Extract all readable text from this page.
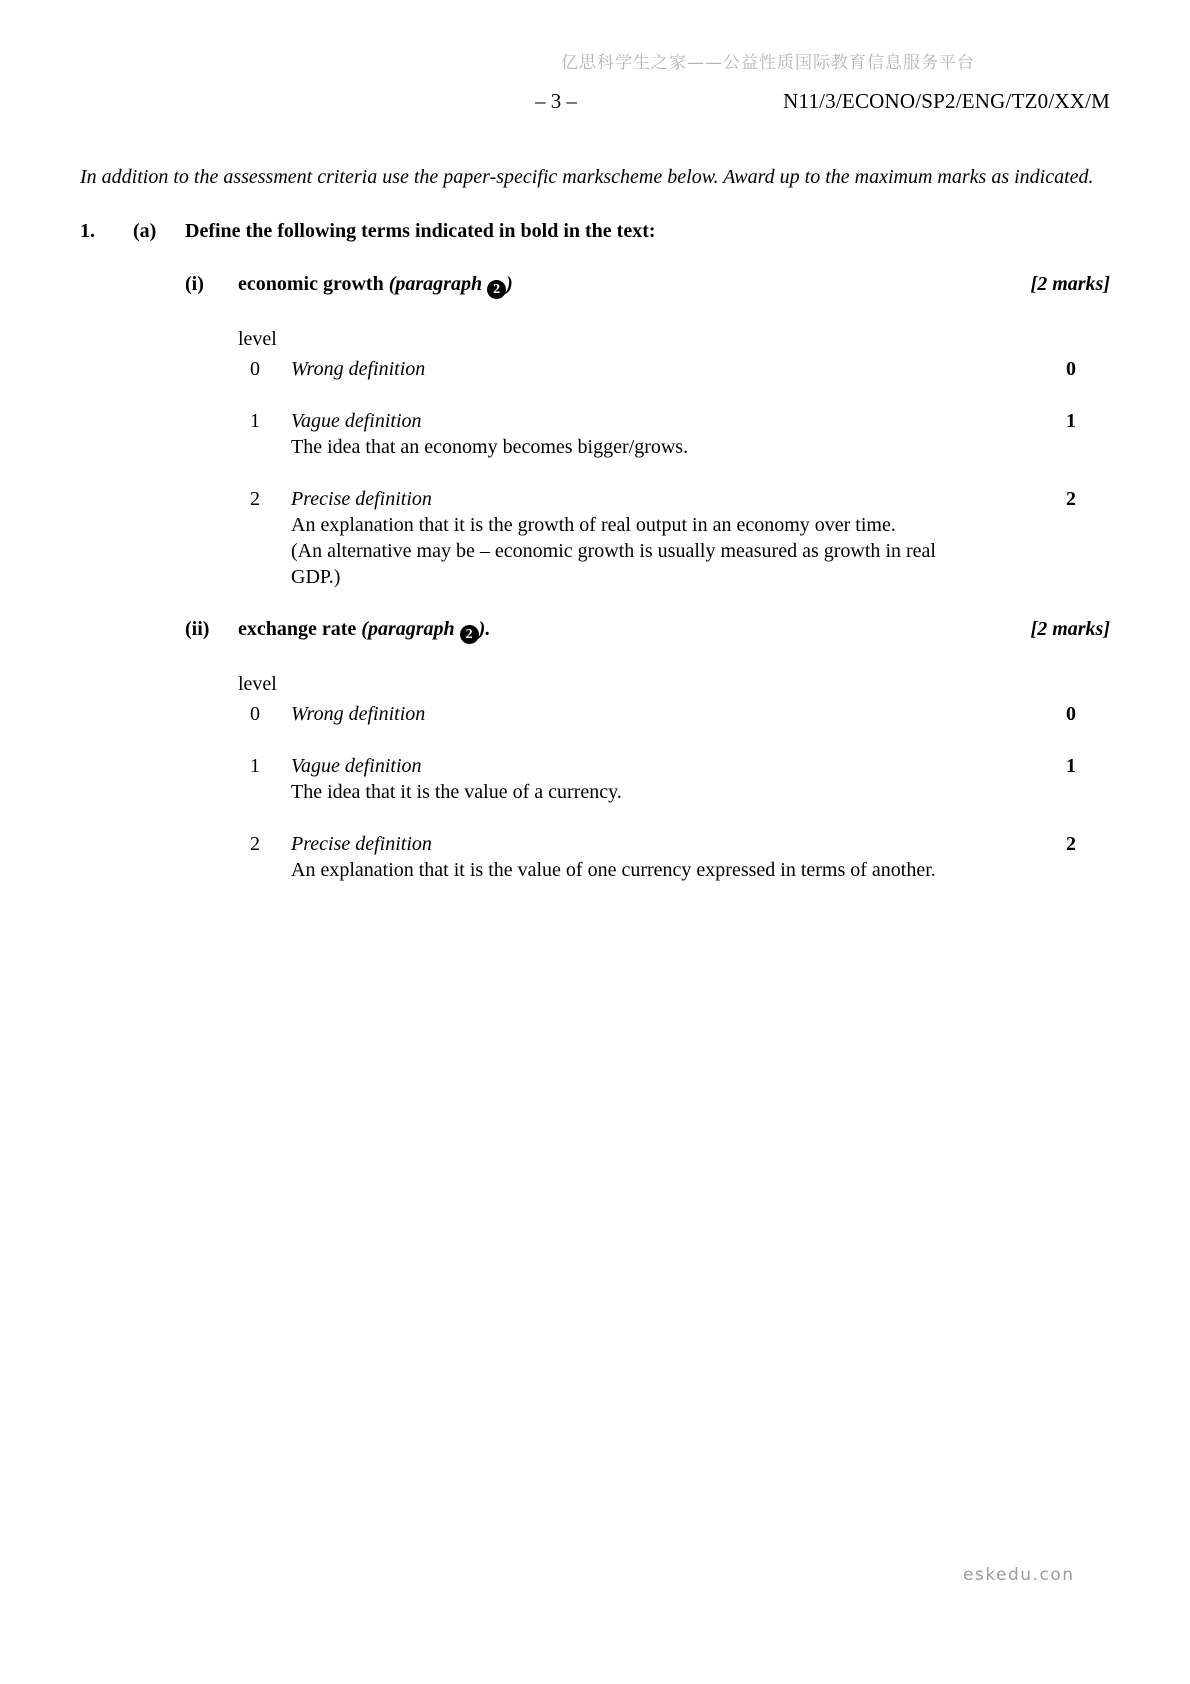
亿思科学生之家——公益性质国际教育信息服务平台
– 3 –	N11/3/ECONO/SP2/ENG/TZ0/XX/M

In addition to the assessment criteria use the paper-specific markscheme below. Award up to the maximum marks as indicated.

1.	(a)	Define the following terms indicated in bold in the text:
(i)	economic growth (paragraph 2 )	[2 marks]
level
0 Wrong definition	0
1 Vague definition	1

The idea that an economy becomes bigger/grows.

2 Precise definition	2

An explanation that it is the growth of real output in an economy over time.

(An alternative may be – economic growth is usually measured as growth in real GDP.)

(ii)	exchange rate (paragraph 2 ).	[2 marks]
level
0 Wrong definition	0
1 Vague definition	1

The idea that it is the value of a currency.

2 Precise definition	2

An explanation that it is the value of one currency expressed in terms of another.

eskedu.con
